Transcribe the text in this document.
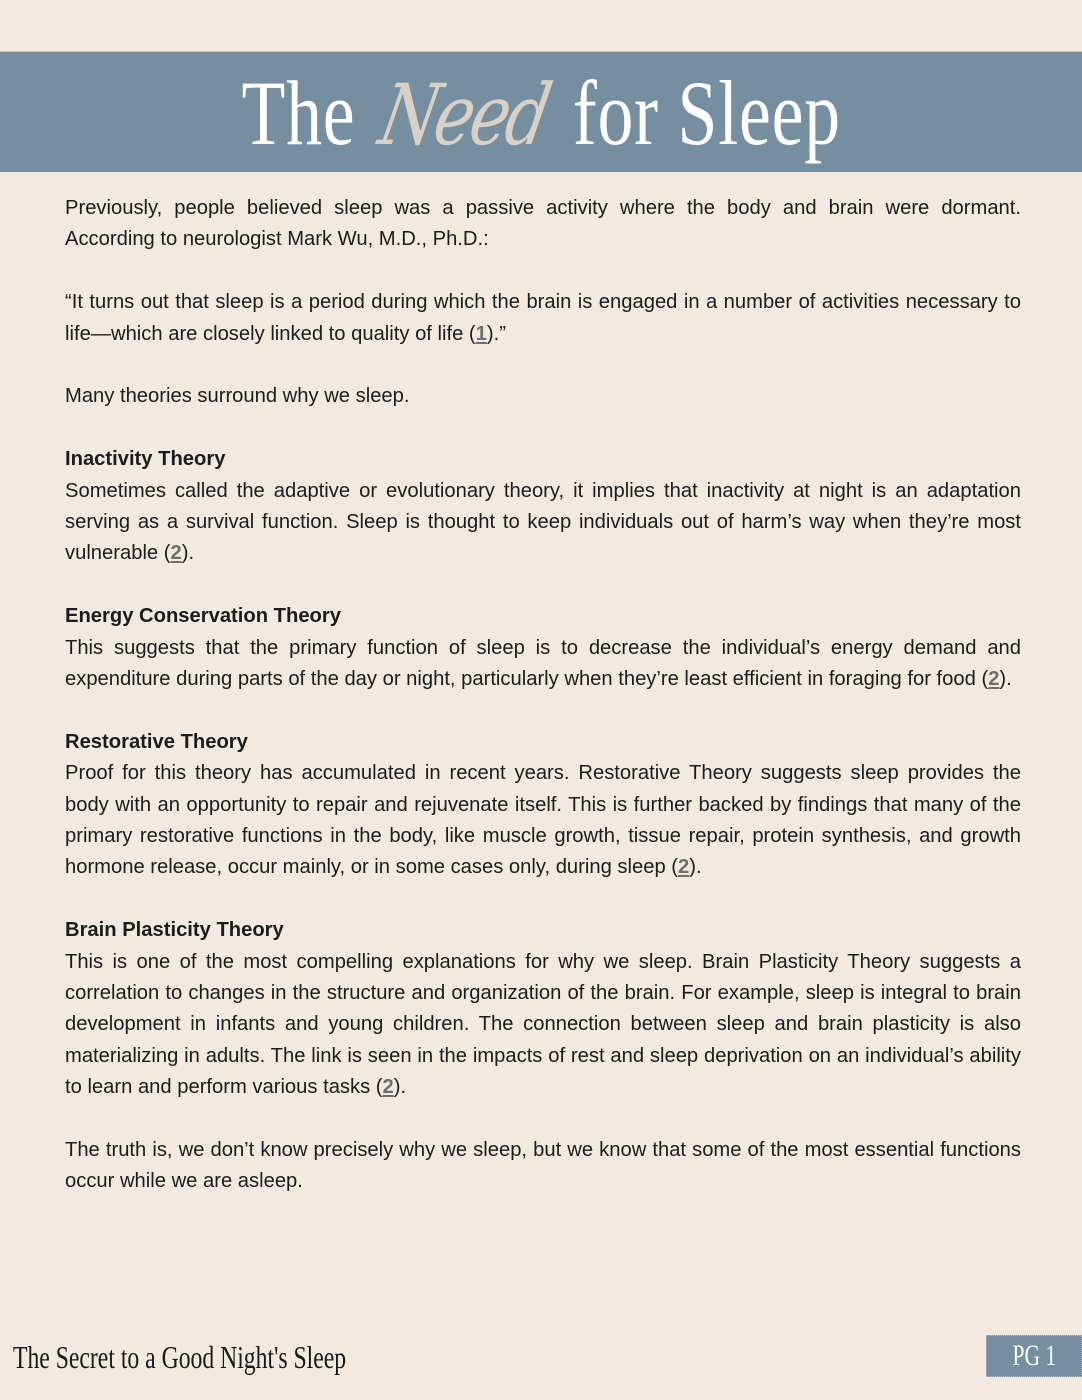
The Need for Sleep

Previously, people believed sleep was a passive activity where the body and brain were dormant. According to neurologist Mark Wu, M.D., Ph.D.:

“It turns out that sleep is a period during which the brain is engaged in a number of activities necessary to life—which are closely linked to quality of life (1).”

Many theories surround why we sleep.

Inactivity Theory

Sometimes called the adaptive or evolutionary theory, it implies that inactivity at night is an adaptation serving as a survival function. Sleep is thought to keep individuals out of harm’s way when they’re most vulnerable (2).

Energy Conservation Theory

This suggests that the primary function of sleep is to decrease the individual’s energy demand and expenditure during parts of the day or night, particularly when they’re least efficient in foraging for food (2).

Restorative Theory

Proof for this theory has accumulated in recent years. Restorative Theory suggests sleep provides the body with an opportunity to repair and rejuvenate itself. This is further backed by findings that many of the primary restorative functions in the body, like muscle growth, tissue repair, protein synthesis, and growth hormone release, occur mainly, or in some cases only, during sleep (2).

Brain Plasticity Theory

This is one of the most compelling explanations for why we sleep. Brain Plasticity Theory suggests a correlation to changes in the structure and organization of the brain. For example, sleep is integral to brain development in infants and young children. The connection between sleep and brain plasticity is also materializing in adults. The link is seen in the impacts of rest and sleep deprivation on an individual’s ability to learn and perform various tasks (2).

The truth is, we don’t know precisely why we sleep, but we know that some of the most essential functions occur while we are asleep.

The Secret to a Good Night's Sleep	PG 1
